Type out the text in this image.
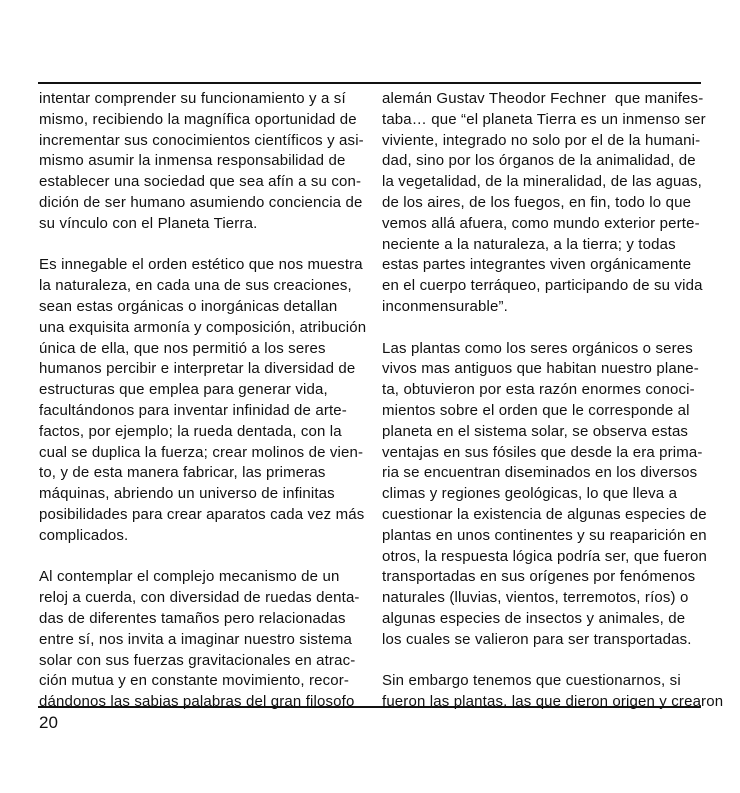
intentar comprender su funcionamiento y a sí
mismo, recibiendo la magnífica oportunidad de
incrementar sus conocimientos científicos y asi-
mismo asumir la inmensa responsabilidad de
establecer una sociedad que sea afín a su con-
dición de ser humano asumiendo conciencia de
su vínculo con el Planeta Tierra.
Es innegable el orden estético que nos muestra
la naturaleza, en cada una de sus creaciones,
sean estas orgánicas o inorgánicas detallan
una exquisita armonía y composición, atribución
única de ella, que nos permitió a los seres
humanos percibir e interpretar la diversidad de
estructuras que emplea para generar vida,
facultándonos para inventar infinidad de arte-
factos, por ejemplo; la rueda dentada, con la
cual se duplica la fuerza; crear molinos de vien-
to, y de esta manera fabricar, las primeras
máquinas, abriendo un universo de infinitas
posibilidades para crear aparatos cada vez más
complicados.
Al contemplar el complejo mecanismo de un
reloj a cuerda, con diversidad de ruedas denta-
das de diferentes tamaños pero relacionadas
entre sí, nos invita a imaginar nuestro sistema
solar con sus fuerzas gravitacionales en atrac-
ción mutua y en constante movimiento, recor-
dándonos las sabias palabras del gran filosofo
alemán Gustav Theodor Fechner  que manifes-
taba… que “el planeta Tierra es un inmenso ser
viviente, integrado no solo por el de la humani-
dad, sino por los órganos de la animalidad, de
la vegetalidad, de la mineralidad, de las aguas,
de los aires, de los fuegos, en fin, todo lo que
vemos allá afuera, como mundo exterior perte-
neciente a la naturaleza, a la tierra; y todas
estas partes integrantes viven orgánicamente
en el cuerpo terráqueo, participando de su vida
inconmensurable”.
Las plantas como los seres orgánicos o seres
vivos mas antiguos que habitan nuestro plane-
ta, obtuvieron por esta razón enormes conoci-
mientos sobre el orden que le corresponde al
planeta en el sistema solar, se observa estas
ventajas en sus fósiles que desde la era prima-
ria se encuentran diseminados en los diversos
climas y regiones geológicas, lo que lleva a
cuestionar la existencia de algunas especies de
plantas en unos continentes y su reaparición en
otros, la respuesta lógica podría ser, que fueron
transportadas en sus orígenes por fenómenos
naturales (lluvias, vientos, terremotos, ríos) o
algunas especies de insectos y animales, de
los cuales se valieron para ser transportadas.
Sin embargo tenemos que cuestionarnos, si
fueron las plantas, las que dieron origen y crearon
20
